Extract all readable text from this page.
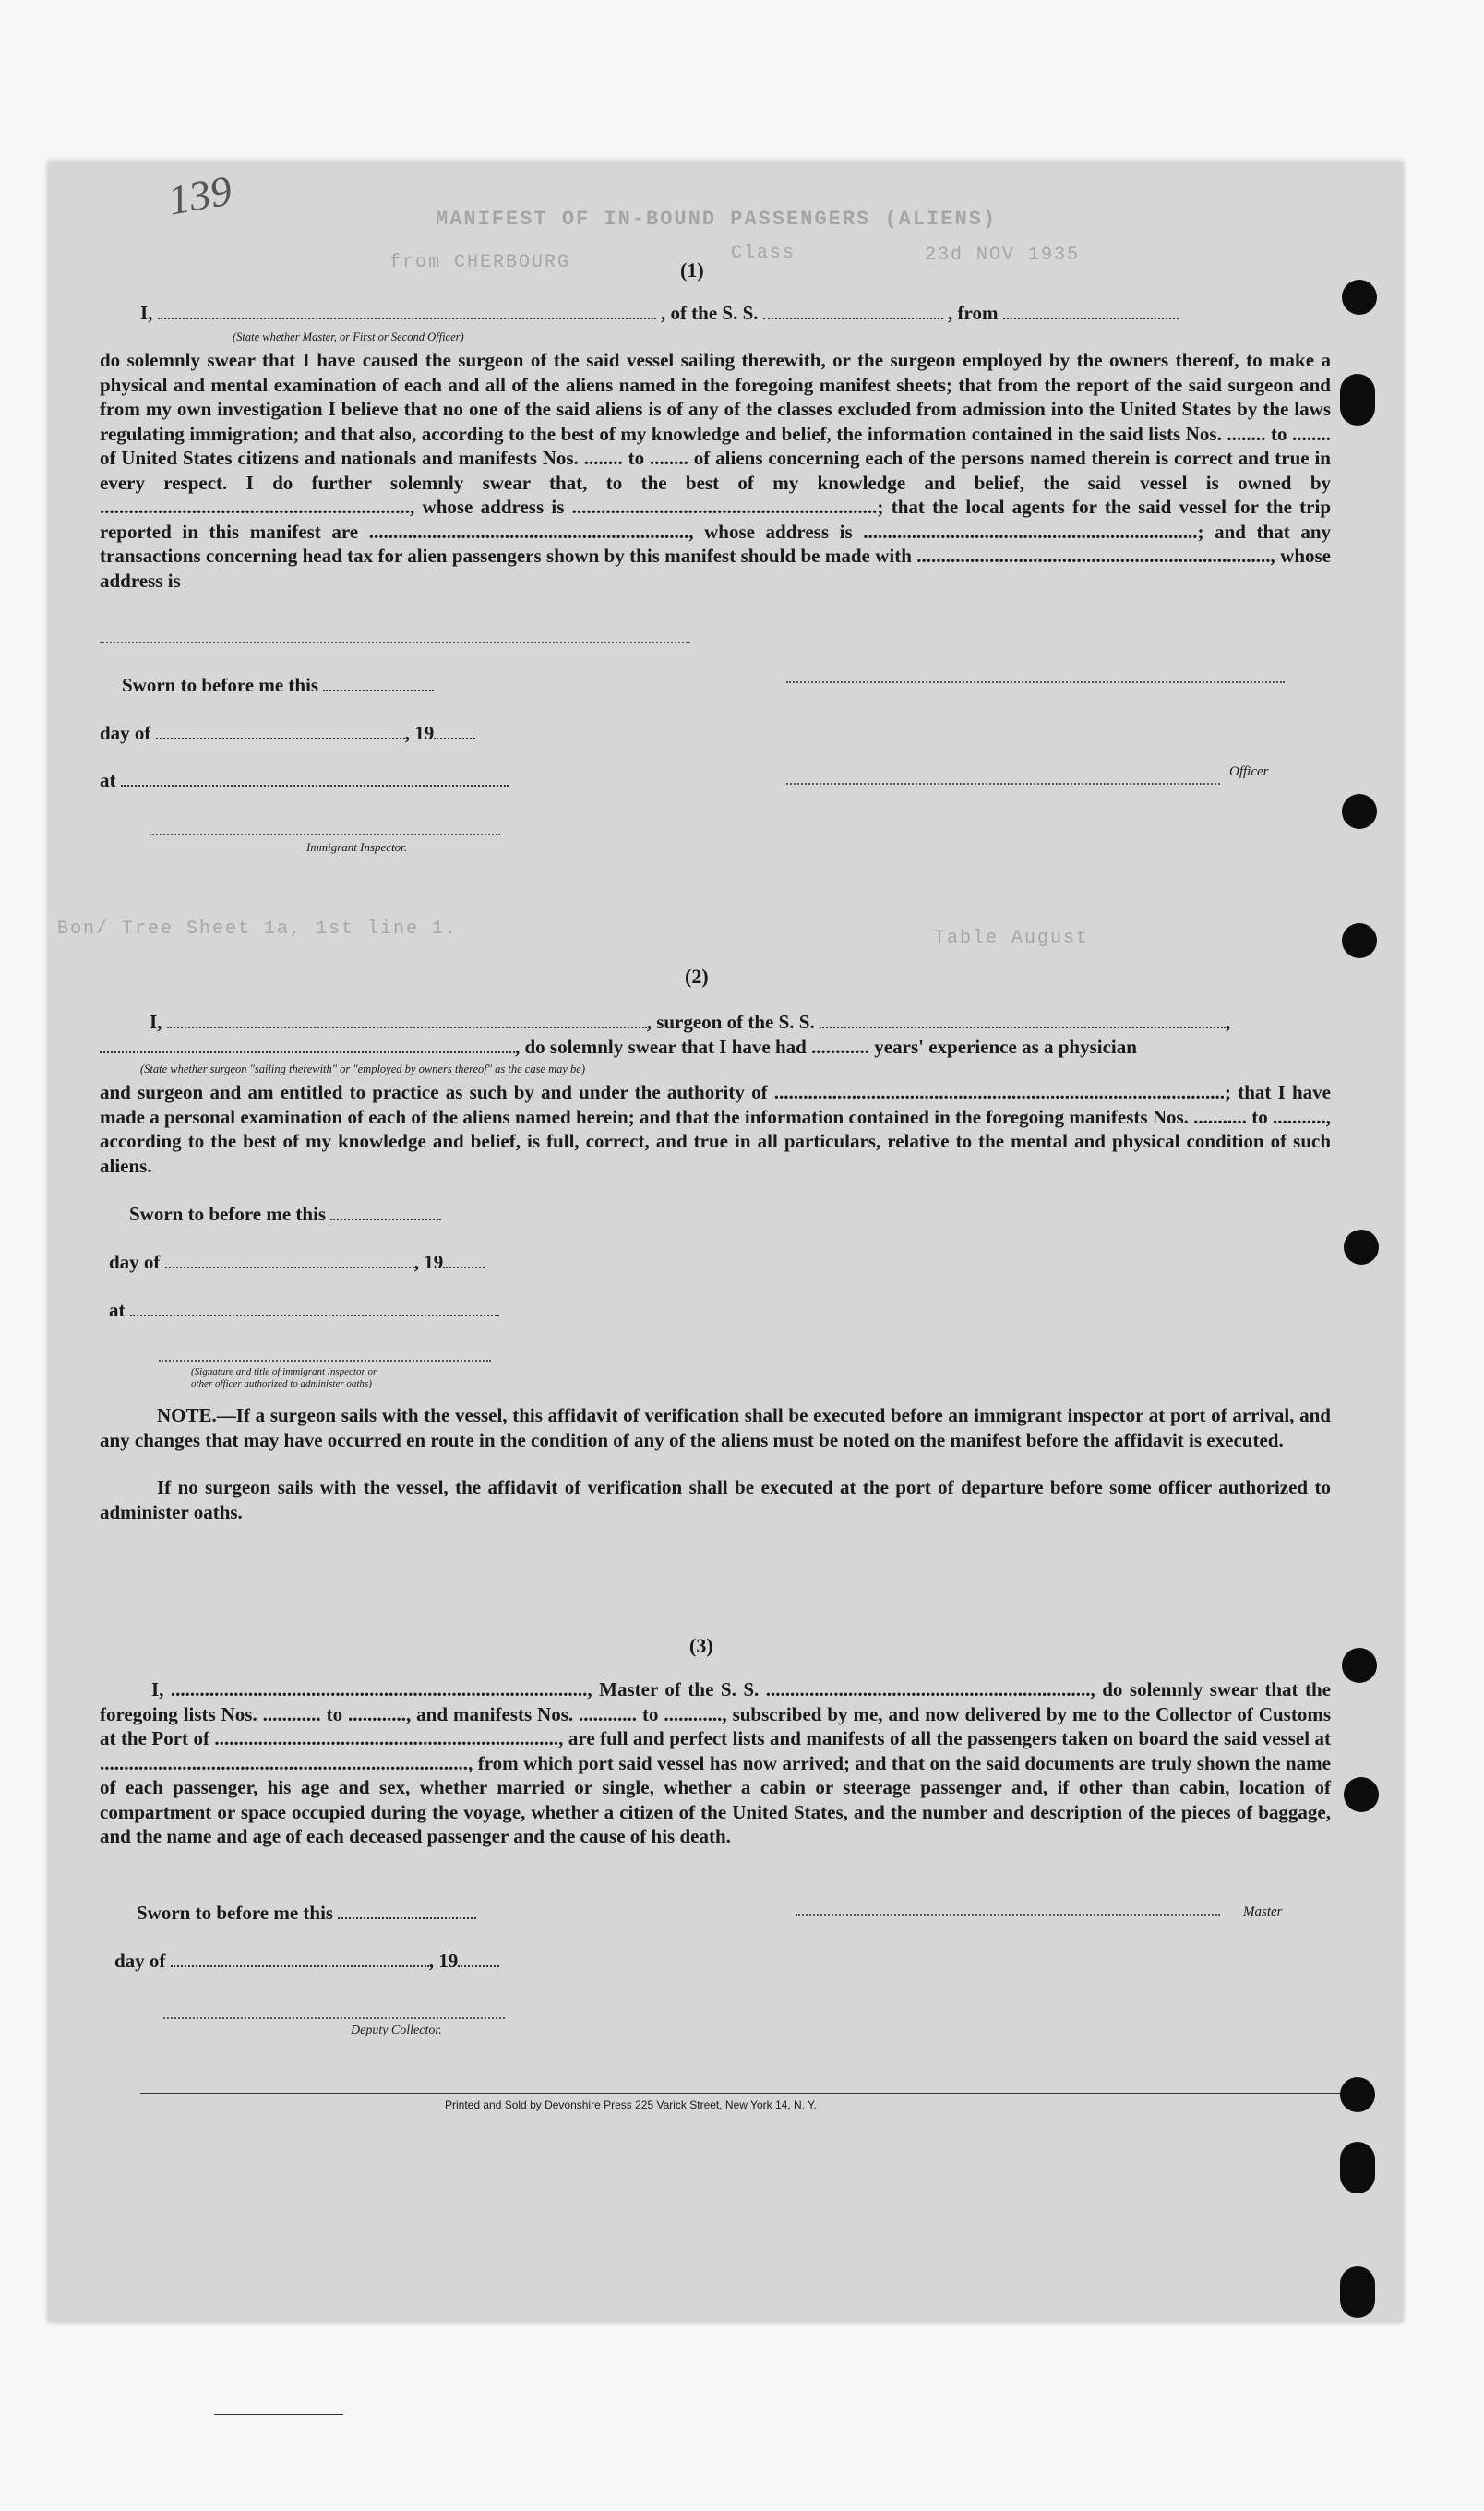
MANIFEST OF IN-BOUND PASSENGERS (ALIENS)
Class
from CHERBOURG	23d NOV 1935
139
(1)
I,	, of the S. S.	, from
(State whether Master, or First or Second Officer)
do solemnly swear that I have caused the surgeon of the said vessel sailing therewith, or the surgeon employed by the owners thereof, to make a physical and mental examination of each and all of the aliens named in the foregoing manifest sheets; that from the report of the said surgeon and from my own investigation I believe that no one of the said aliens is of any of the classes excluded from admission into the United States by the laws regulating immigration; and that also, according to the best of my knowledge and belief, the information contained in the said lists Nos. ........ to ........ of United States citizens and nationals and manifests Nos. ........ to ........ of aliens concerning each of the persons named therein is correct and true in every respect. I do further solemnly swear that, to the best of my knowledge and belief, the said vessel is owned by ................................................................, whose address is ...............................................................; that the local agents for the said vessel for the trip reported in this manifest are .................................................................., whose address is .....................................................................; and that any transactions concerning head tax for alien passengers shown by this manifest should be made with ........................................................................., whose address is
Sworn to before me this
day of	, 19
at	Officer
Immigrant Inspector.
Bon/ Tree Sheet 1a, 1st line 1.	Table August
(2)
I,	, surgeon of the S. S.	,
, do solemnly swear that I have had ............ years' experience as a physician
(State whether surgeon "sailing therewith" or "employed by owners thereof" as the case may be)
and surgeon and am entitled to practice as such by and under the authority of .............................................................................................; that I have made a personal examination of each of the aliens named herein; and that the information contained in the foregoing manifests Nos. ........... to ..........., according to the best of my knowledge and belief, is full, correct, and true in all particulars, relative to the mental and physical condition of such aliens.
Sworn to before me this
day of	, 19
at
(Signature and title of immigrant inspector or
other officer authorized to administer oaths)
NOTE.—If a surgeon sails with the vessel, this affidavit of verification shall be executed before an immigrant inspector at port of arrival, and any changes that may have occurred en route in the condition of any of the aliens must be noted on the manifest before the affidavit is executed.
If no surgeon sails with the vessel, the affidavit of verification shall be executed at the port of departure before some officer authorized to administer oaths.
(3)
I, ......................................................................................, Master of the S. S. ..................................................................., do solemnly swear that the foregoing lists Nos. ............ to ............, and manifests Nos. ............ to ............, subscribed by me, and now delivered by me to the Collector of Customs at the Port of ......................................................................., are full and perfect lists and manifests of all the passengers taken on board the said vessel at ............................................................................, from which port said vessel has now arrived; and that on the said documents are truly shown the name of each passenger, his age and sex, whether married or single, whether a cabin or steerage passenger and, if other than cabin, location of compartment or space occupied during the voyage, whether a citizen of the United States, and the number and description of the pieces of baggage, and the name and age of each deceased passenger and the cause of his death.
Sworn to before me this	Master
day of	, 19
Deputy Collector.
Printed and Sold by Devonshire Press 225 Varick Street, New York 14, N. Y.
